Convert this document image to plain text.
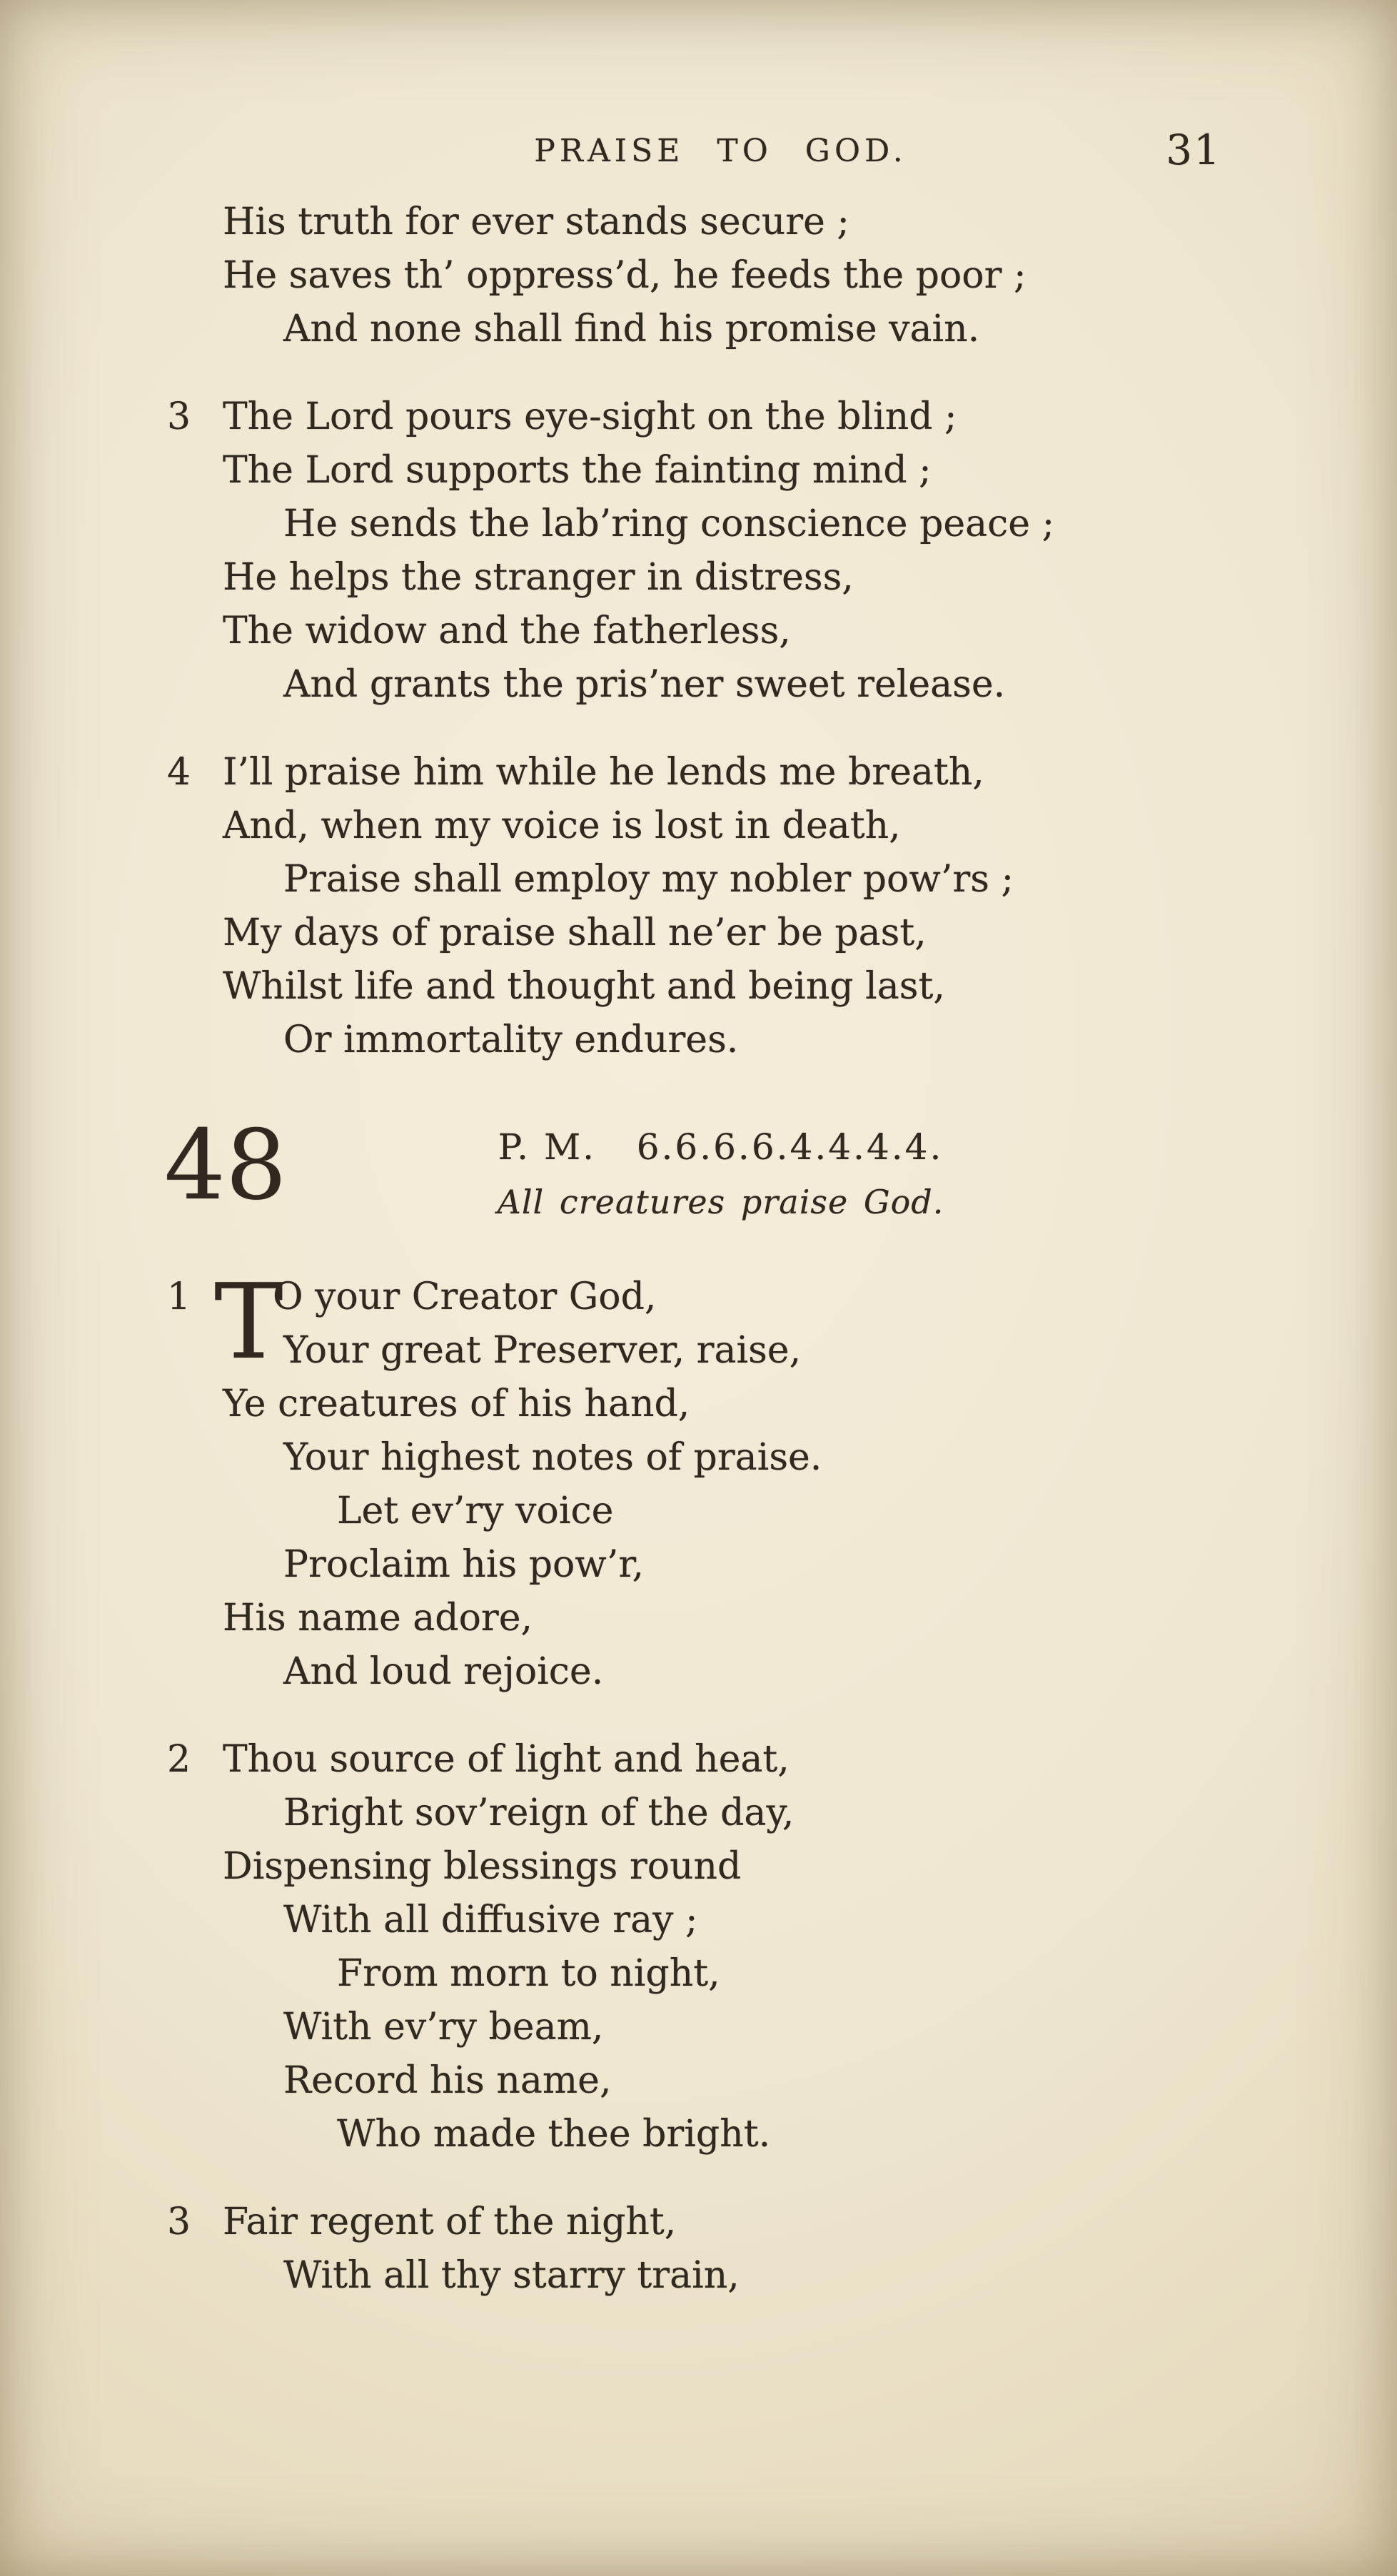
PRAISE TO GOD.	31
His truth for ever stands secure ;
He saves th’ oppress’d, he feeds the poor ;
And none shall find his promise vain.
3 The Lord pours eye-sight on the blind ;
The Lord supports the fainting mind ;
He sends the lab’ring conscience peace ;
He helps the stranger in distress,
The widow and the fatherless,
And grants the pris’ner sweet release.
4 I’ll praise him while he lends me breath,
And, when my voice is lost in death,
Praise shall employ my nobler pow’rs ;
My days of praise shall ne’er be past,
Whilst life and thought and being last,
Or immortality endures.
48	P. M.   6.6.6.6.4.4.4.4.
All creatures praise God.
1 T
O your Creator God,
Your great Preserver, raise,
Ye creatures of his hand,
Your highest notes of praise.
Let ev’ry voice
Proclaim his pow’r,
His name adore,
And loud rejoice.
2 Thou source of light and heat,
Bright sov’reign of the day,
Dispensing blessings round
With all diffusive ray ;
From morn to night,
With ev’ry beam,
Record his name,
Who made thee bright.
3 Fair regent of the night,
With all thy starry train,
